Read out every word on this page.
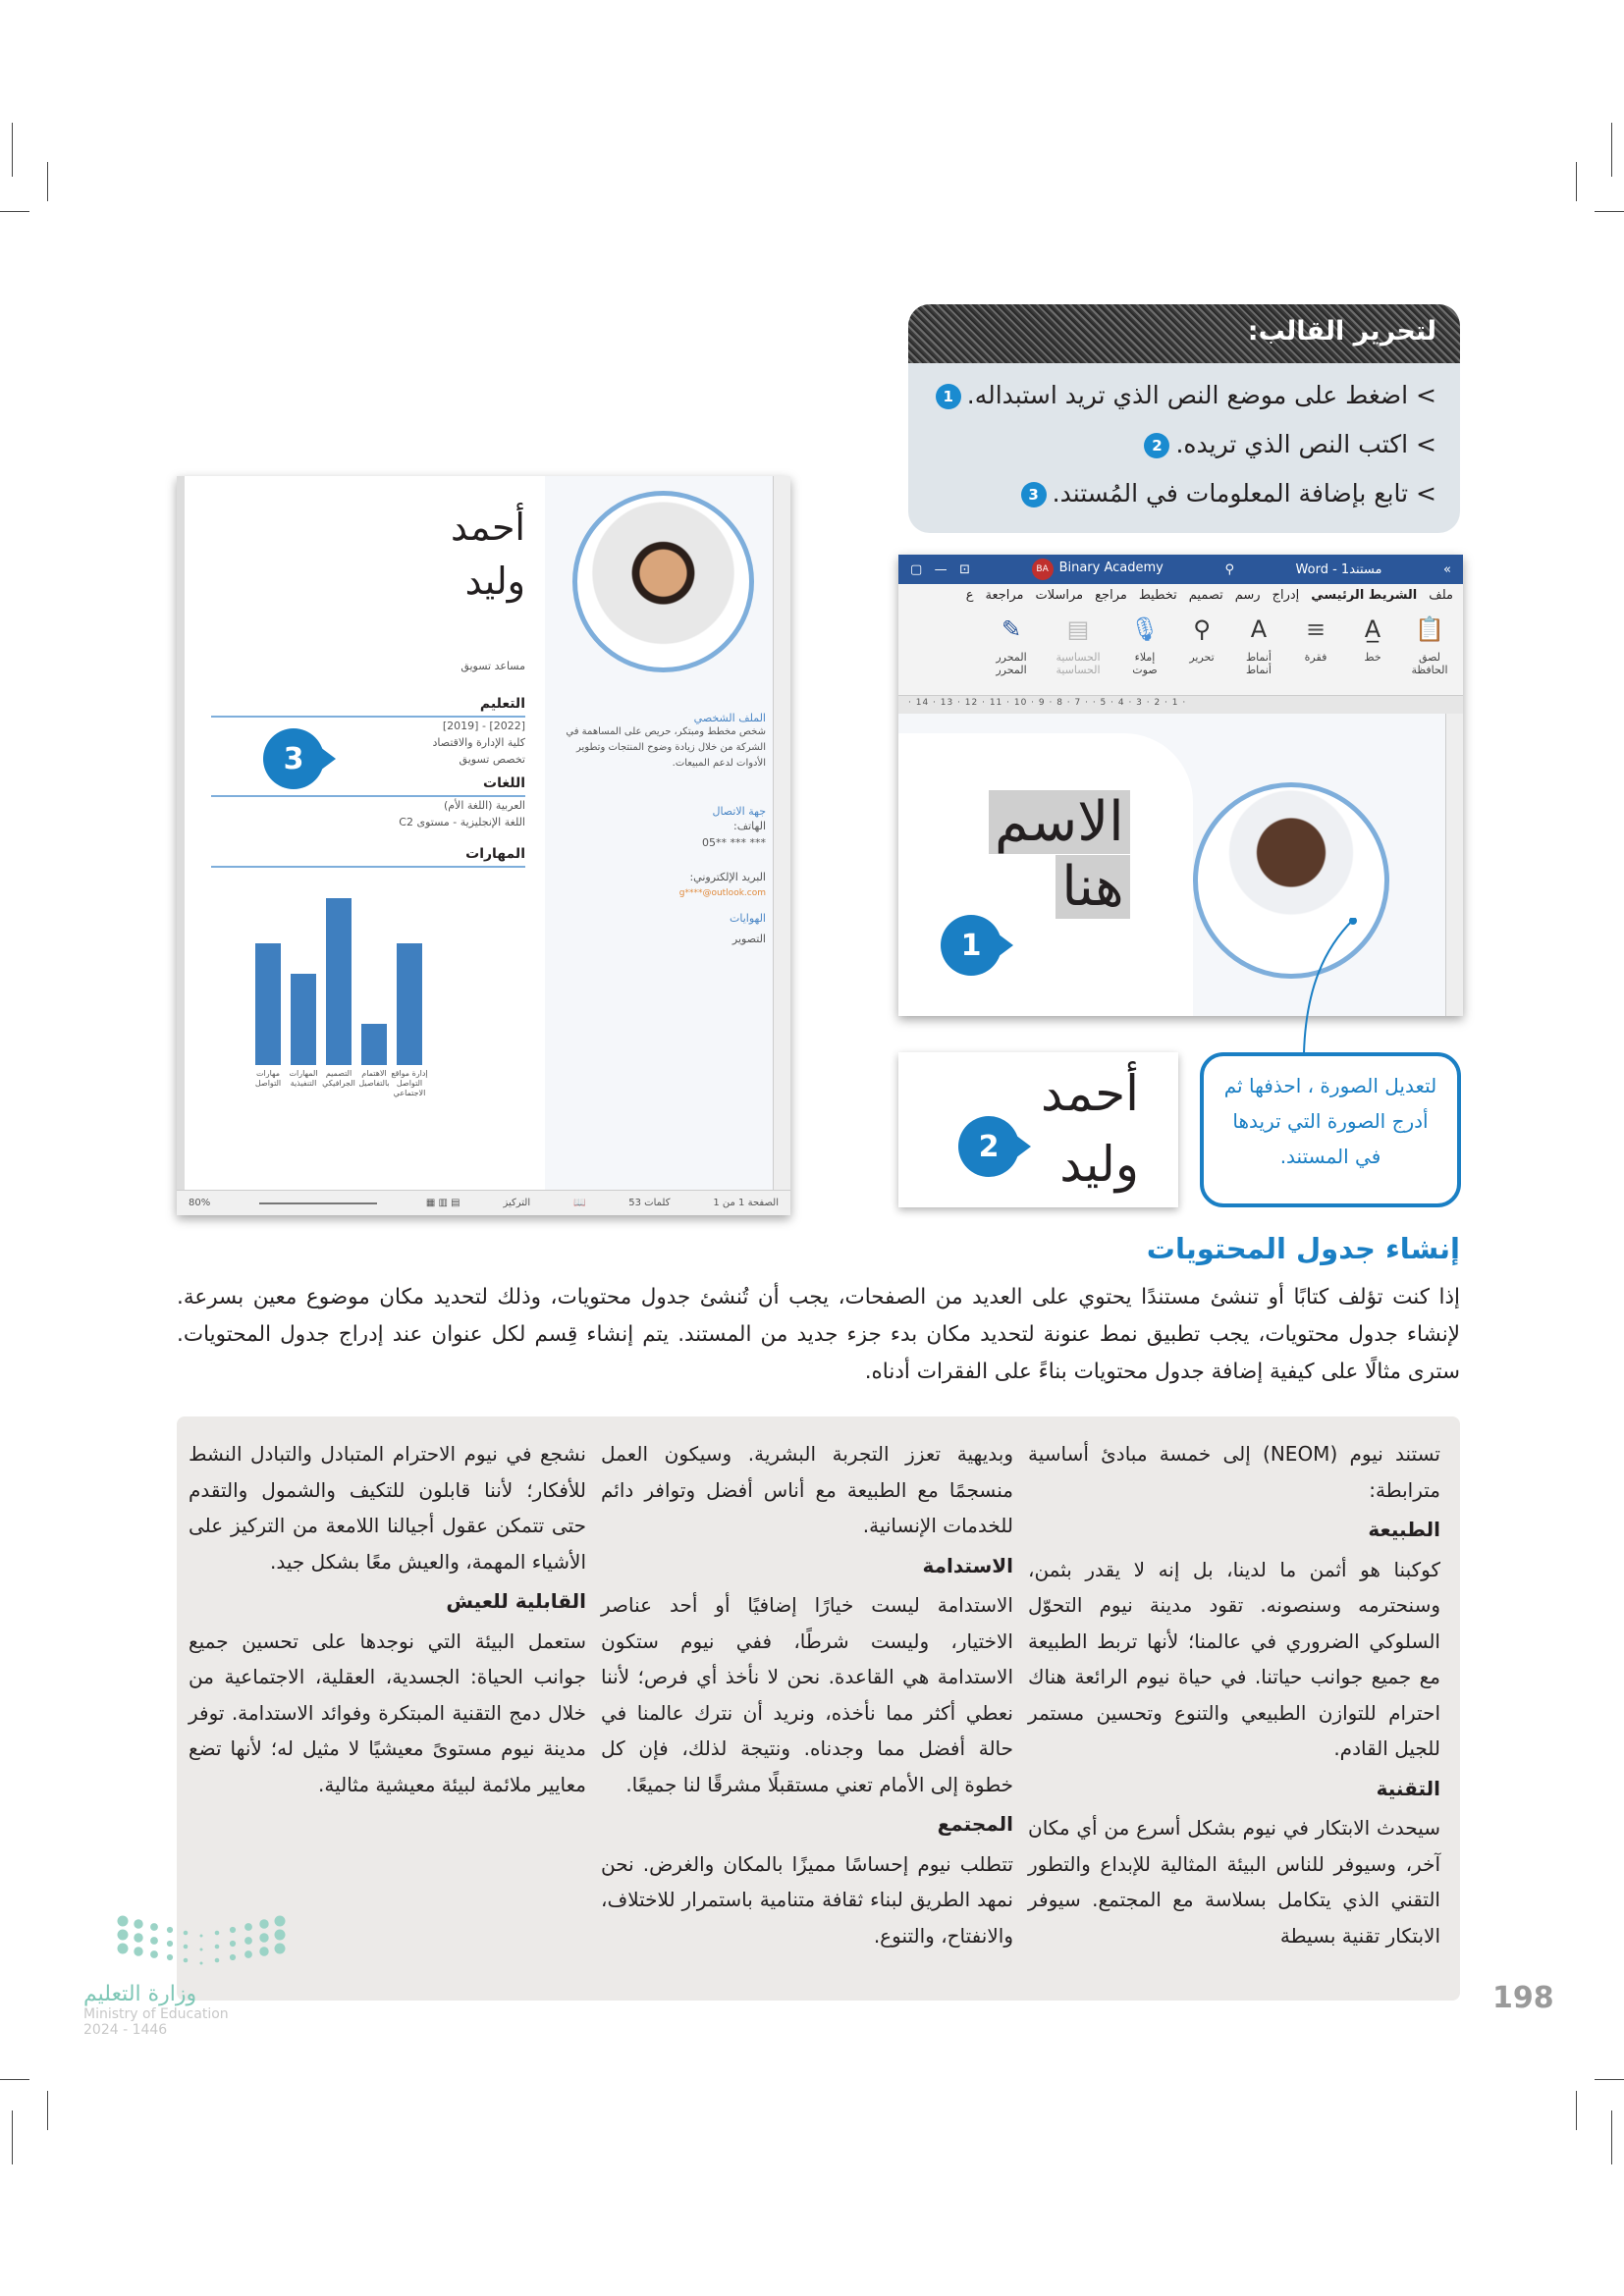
لتحرير القالب:
> اضغط على موضع النص الذي تريد استبداله.1
> اكتب النص الذي تريده.2
> تابع بإضافة المعلومات في المُستند.3
▢   —   ⊡	BA Binary Academy	⚲	Word - مستند1	«
ملف
الشريط الرئيسي
إدراج
رسم
تصميم
تخطيط
مراجع
مراسلات
مراجعة
ع
📋
لصق
الحافظة
A̲
خط
≡
فقرة
A
أنماط
أنماط
⚲
تحرير
🎙
إملاء
صوت
▤
الحساسية
الحساسية
✎
المحرر
المحرر
· 14 · 13 · 12 · 11 · 10 · 9 · 8 · 7 · · 5 · 4 · 3 · 2 · 1 ·
الاسم
هنا
1
أحمد
وليد
2
لتعديل الصورة ، احذفها ثم أدرج الصورة التي تريدها في المستند.
أحمد
وليد
مساعد تسويق
التعليم
[2022] - [2019]
كلية الإدارة والاقتصاد
تخصص تسويق
اللغات
العربية (اللغة الأم)
اللغة الإنجليزية - مستوى C2
المهارات
الملف الشخصي
شخص مخطط ومبتكر، حريص على المساهمة في الشركة من خلال زيادة وضوح المنتجات وتطوير الأدوات لدعم المبيعات.
جهة الاتصال
الهاتف:
05** *** ***
البريد الإلكتروني:
g****@outlook.com
الهوايات
التصوير
مهارات التواصل
المهارات التنفيذية
التصميم الجرافيكي
الاهتمام بالتفاصيل
إدارة مواقع التواصل الاجتماعي
80%	▦ ▥ ▤	التركيز	📖	53 كلمات	الصفحة 1 من 1
3
إنشاء جدول المحتويات

إذا كنت تؤلف كتابًا أو تنشئ مستندًا يحتوي على العديد من الصفحات، يجب أن تُنشئ جدول محتويات، وذلك لتحديد مكان موضوع معين بسرعة. لإنشاء جدول محتويات، يجب تطبيق نمط عنونة لتحديد مكان بدء جزء جديد من المستند. يتم إنشاء قِسم لكل عنوان عند إدراج جدول المحتويات. سترى مثالًا على كيفية إضافة جدول محتويات بناءً على الفقرات أدناه.

تستند نيوم (NEOM) إلى خمسة مبادئ أساسية مترابطة:

الطبيعة

كوكبنا هو أثمن ما لدينا، بل إنه لا يقدر بثمن، وسنحترمه وسنصونه. تقود مدينة نيوم التحوّل السلوكي الضروري في عالمنا؛ لأنها تربط الطبيعة مع جميع جوانب حياتنا. في حياة نيوم الرائعة هناك احترام للتوازن الطبيعي والتنوع وتحسين مستمر للجيل القادم.

التقنية

سيحدث الابتكار في نيوم بشكل أسرع من أي مكان آخر، وسيوفر للناس البيئة المثالية للإبداع والتطور التقني الذي يتكامل بسلاسة مع المجتمع. سيوفر الابتكار تقنية بسيطة

وبديهية تعزز التجربة البشرية. وسيكون العمل منسجمًا مع الطبيعة مع أناس أفضل وتوافر دائم للخدمات الإنسانية.

الاستدامة

الاستدامة ليست خيارًا إضافيًا أو أحد عناصر الاختيار، وليست شرطًا، ففي نيوم ستكون الاستدامة هي القاعدة. نحن لا نأخذ أي فرص؛ لأننا نعطي أكثر مما نأخذه، ونريد أن نترك عالمنا في حالة أفضل مما وجدناه. ونتيجة لذلك، فإن كل خطوة إلى الأمام تعني مستقبلًا مشرقًا لنا جميعًا.

المجتمع

تتطلب نيوم إحساسًا مميزًا بالمكان والغرض. نحن نمهد الطريق لبناء ثقافة متنامية باستمرار للاختلاف، والانفتاح، والتنوع.

نشجع في نيوم الاحترام المتبادل والتبادل النشط للأفكار؛ لأننا قابلون للتكيف والشمول والتقدم حتى تتمكن عقول أجيالنا اللامعة من التركيز على الأشياء المهمة، والعيش معًا بشكل جيد.

القابلية للعيش

ستعمل البيئة التي نوجدها على تحسين جميع جوانب الحياة: الجسدية، العقلية، الاجتماعية من خلال دمج التقنية المبتكرة وفوائد الاستدامة. توفر مدينة نيوم مستوىً معيشيًا لا مثيل له؛ لأنها تضع معايير ملائمة لبيئة معيشية مثالية.

198
وزارة التعليم
Ministry of Education
2024 - 1446
